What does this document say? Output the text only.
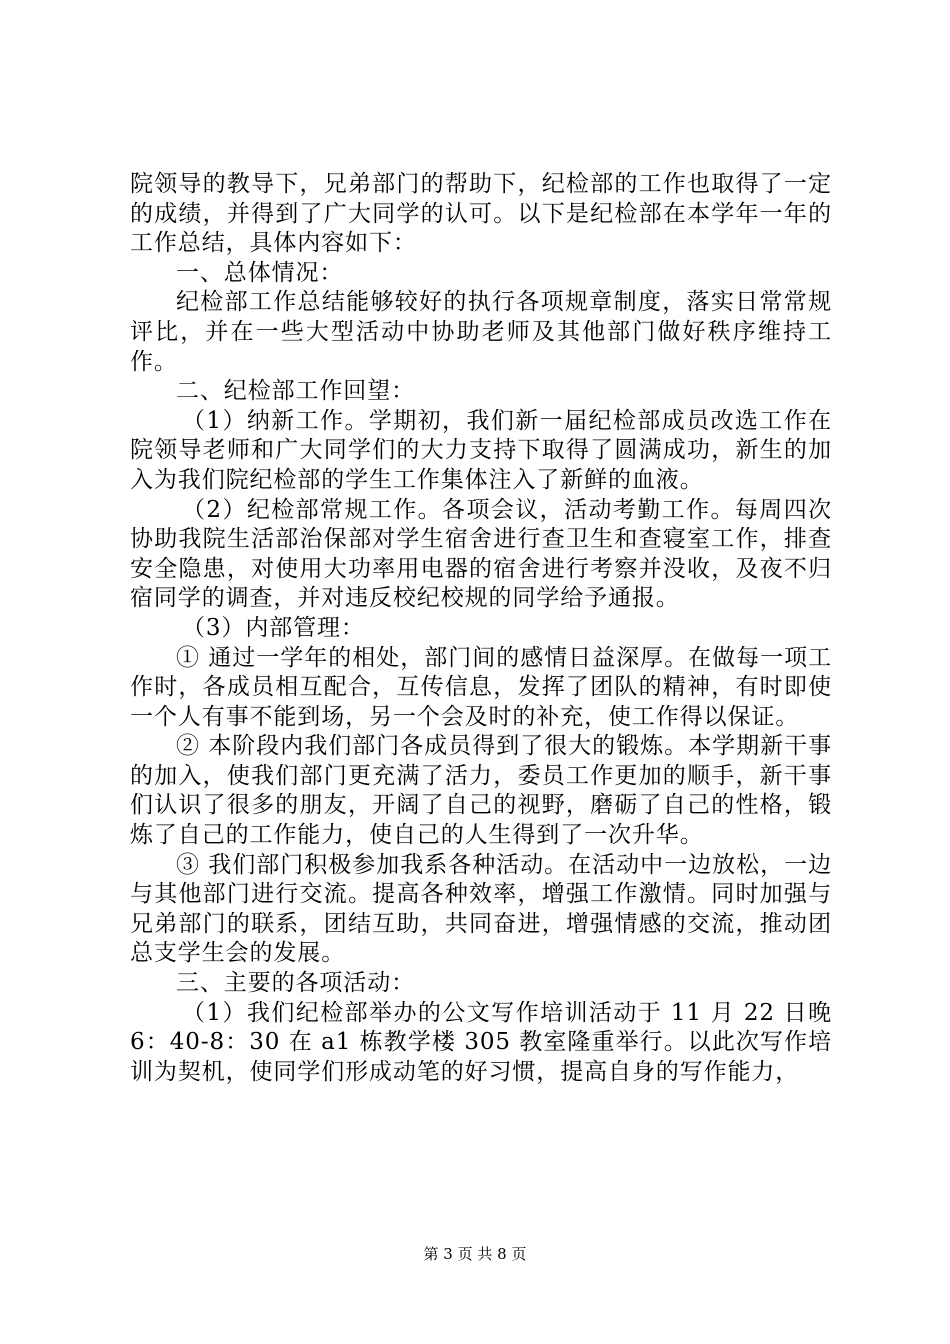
院领导的教导下，兄弟部门的帮助下，纪检部的工作也取得了一定的成绩，并得到了广大同学的认可。以下是纪检部在本学年一年的工作总结，具体内容如下：

一、总体情况：

纪检部工作总结能够较好的执行各项规章制度，落实日常常规评比，并在一些大型活动中协助老师及其他部门做好秩序维持工作。

二、纪检部工作回望：

（1）纳新工作。学期初，我们新一届纪检部成员改选工作在院领导老师和广大同学们的大力支持下取得了圆满成功，新生的加入为我们院纪检部的学生工作集体注入了新鲜的血液。

（2）纪检部常规工作。各项会议，活动考勤工作。每周四次协助我院生活部治保部对学生宿舍进行查卫生和查寝室工作，排查安全隐患，对使用大功率用电器的宿舍进行考察并没收，及夜不归宿同学的调查，并对违反校纪校规的同学给予通报。

（3）内部管理：

① 通过一学年的相处，部门间的感情日益深厚。在做每一项工作时，各成员相互配合，互传信息，发挥了团队的精神，有时即使一个人有事不能到场，另一个会及时的补充，使工作得以保证。

② 本阶段内我们部门各成员得到了很大的锻炼。本学期新干事的加入，使我们部门更充满了活力，委员工作更加的顺手，新干事们认识了很多的朋友，开阔了自己的视野，磨砺了自己的性格，锻炼了自己的工作能力，使自己的人生得到了一次升华。

③ 我们部门积极参加我系各种活动。在活动中一边放松，一边与其他部门进行交流。提高各种效率，增强工作激情。同时加强与兄弟部门的联系，团结互助，共同奋进，增强情感的交流，推动团总支学生会的发展。

三、主要的各项活动：

（1）我们纪检部举办的公文写作培训活动于 11 月 22 日晚 6：40-8：30 在 a1 栋教学楼 305 教室隆重举行。以此次写作培训为契机，使同学们形成动笔的好习惯，提高自身的写作能力，

第 3 页 共 8 页
